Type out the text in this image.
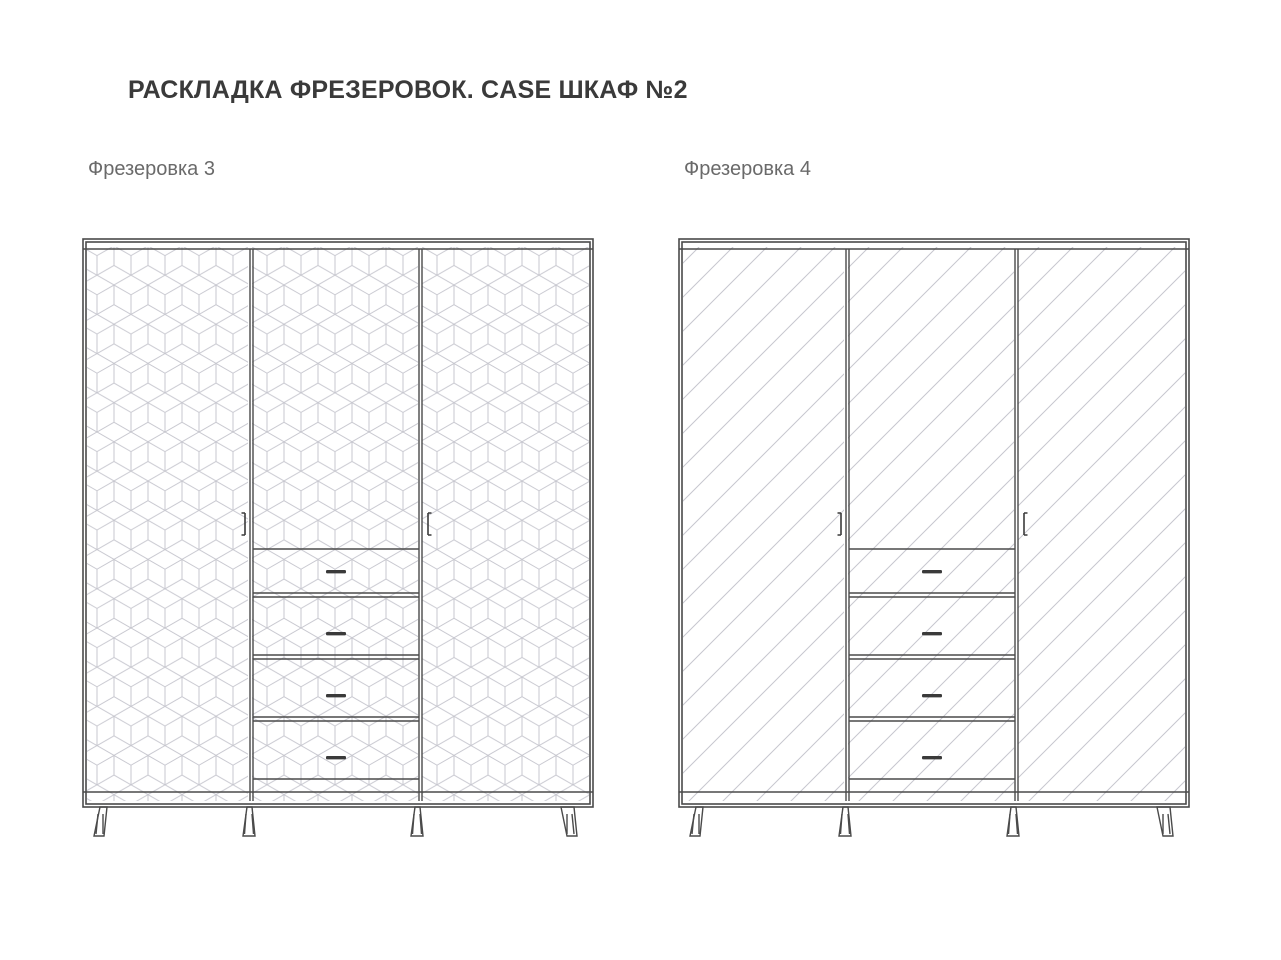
РАСКЛАДКА ФРЕЗЕРОВОК. CASE ШКАФ №2
Фрезеровка 3	Фрезеровка 4
